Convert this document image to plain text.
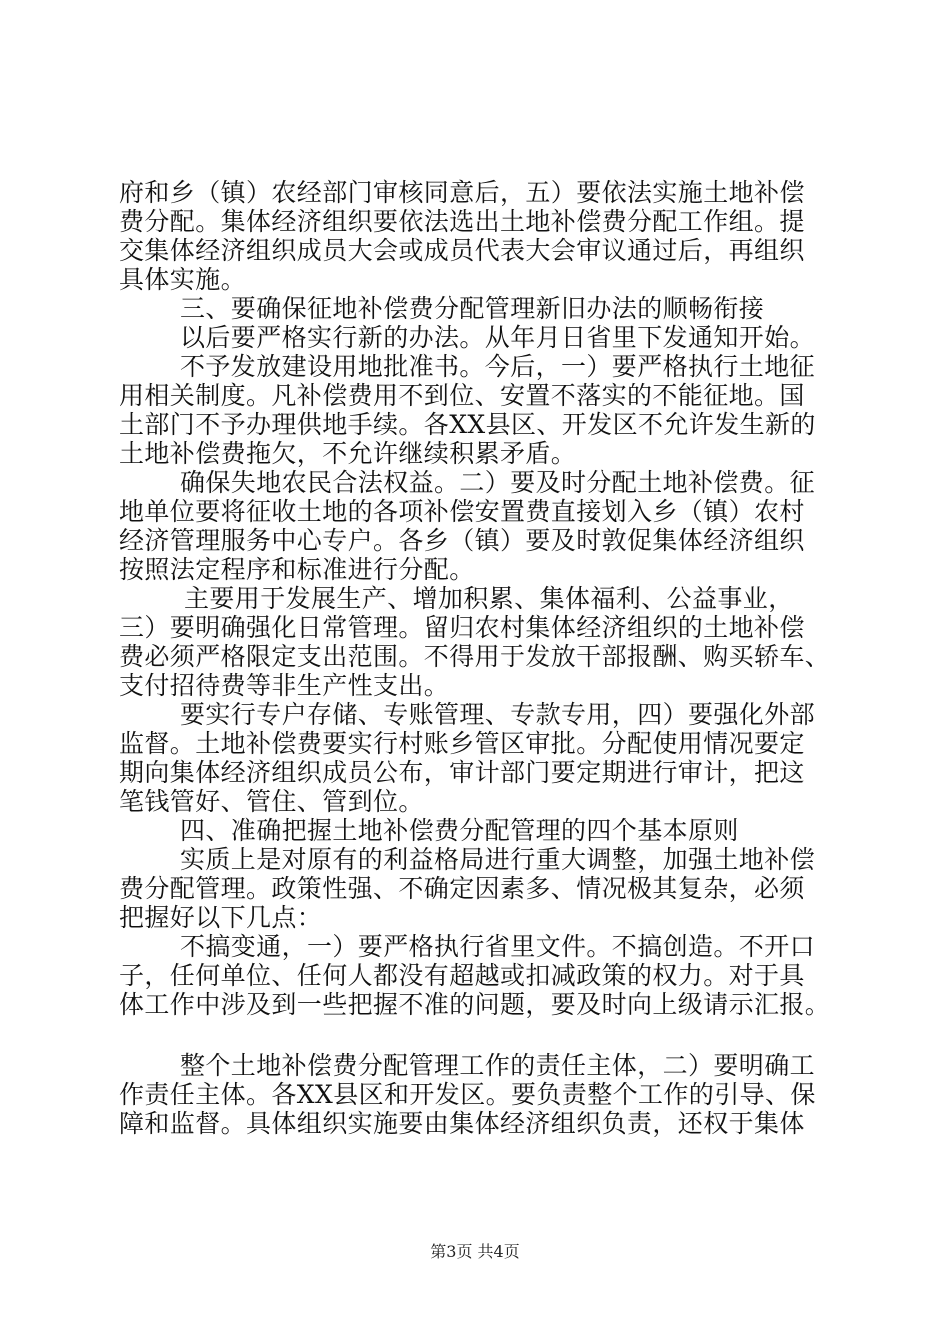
府和乡（镇）农经部门审核同意后，五）要依法实施土地补偿
费分配。集体经济组织要依法选出土地补偿费分配工作组。提
交集体经济组织成员大会或成员代表大会审议通过后，再组织
具体实施。
三、要确保征地补偿费分配管理新旧办法的顺畅衔接
以后要严格实行新的办法。从年月日省里下发通知开始。
不予发放建设用地批准书。今后，一）要严格执行土地征
用相关制度。凡补偿费用不到位、安置不落实的不能征地。国
土部门不予办理供地手续。各XX县区、开发区不允许发生新的
土地补偿费拖欠，不允许继续积累矛盾。
确保失地农民合法权益。二）要及时分配土地补偿费。征
地单位要将征收土地的各项补偿安置费直接划入乡（镇）农村
经济管理服务中心专户。各乡（镇）要及时敦促集体经济组织
按照法定程序和标准进行分配。
主要用于发展生产、增加积累、集体福利、公益事业，
三）要明确强化日常管理。留归农村集体经济组织的土地补偿
费必须严格限定支出范围。不得用于发放干部报酬、购买轿车、
支付招待费等非生产性支出。
要实行专户存储、专账管理、专款专用，四）要强化外部
监督。土地补偿费要实行村账乡管区审批。分配使用情况要定
期向集体经济组织成员公布，审计部门要定期进行审计，把这
笔钱管好、管住、管到位。
四、准确把握土地补偿费分配管理的四个基本原则
实质上是对原有的利益格局进行重大调整，加强土地补偿
费分配管理。政策性强、不确定因素多、情况极其复杂，必须
把握好以下几点：
不搞变通，一）要严格执行省里文件。不搞创造。不开口
子，任何单位、任何人都没有超越或扣减政策的权力。对于具
体工作中涉及到一些把握不准的问题，要及时向上级请示汇报。
整个土地补偿费分配管理工作的责任主体，二）要明确工
作责任主体。各XX县区和开发区。要负责整个工作的引导、保
障和监督。具体组织实施要由集体经济组织负责，还权于集体
第3页 共4页
